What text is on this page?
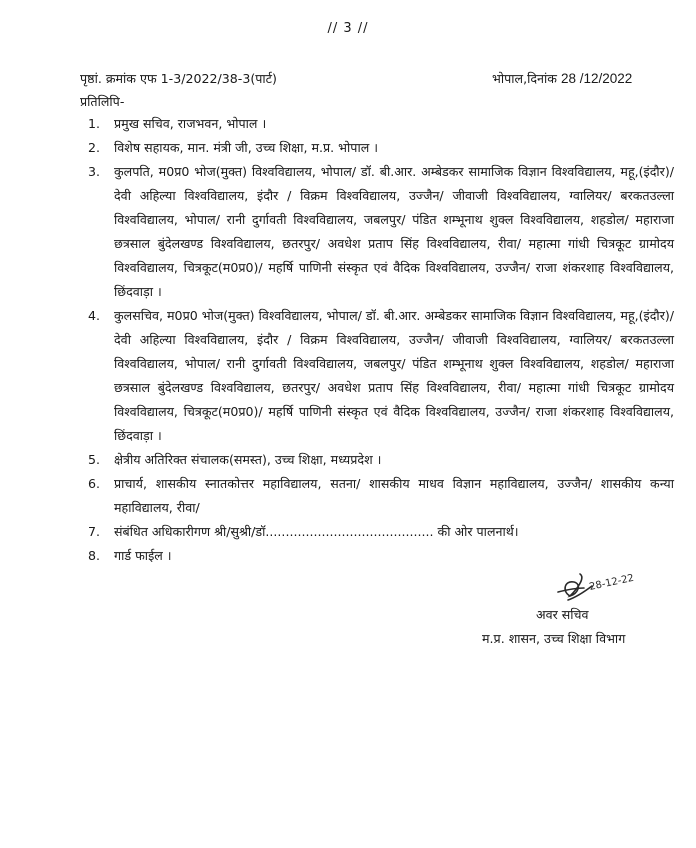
// 3 //
पृष्ठां. क्रमांक एफ 1-3/2022/38-3(पार्ट)	भोपाल,दिनांक 28 /12/2022
प्रतिलिपि-
1. प्रमुख सचिव, राजभवन, भोपाल ।
2. विशेष सहायक, मान. मंत्री जी, उच्च शिक्षा, म.प्र. भोपाल ।
3. कुलपति, म0प्र0 भोज(मुक्त) विश्वविद्यालय, भोपाल/ डॉ. बी.आर. अम्बेडकर सामाजिक विज्ञान विश्वविद्यालय, महू,(इंदौर)/ देवी अहिल्या विश्वविद्यालय, इंदौर / विक्रम विश्वविद्यालय, उज्जैन/ जीवाजी विश्वविद्यालय, ग्वालियर/ बरकतउल्ला विश्वविद्यालय, भोपाल/ रानी दुर्गावती विश्वविद्यालय, जबलपुर/ पंडित शम्भूनाथ शुक्ल विश्वविद्यालय, शहडोल/ महाराजा छत्रसाल बुंदेलखण्ड विश्वविद्यालय, छतरपुर/ अवधेश प्रताप सिंह विश्वविद्यालय, रीवा/ महात्मा गांधी चित्रकूट ग्रामोदय विश्वविद्यालय, चित्रकूट(म0प्र0)/ महर्षि पाणिनी संस्कृत एवं वैदिक विश्वविद्यालय, उज्जैन/ राजा शंकरशाह विश्वविद्यालय, छिंदवाड़ा ।
4. कुलसचिव, म0प्र0 भोज(मुक्त) विश्वविद्यालय, भोपाल/ डॉ. बी.आर. अम्बेडकर सामाजिक विज्ञान विश्वविद्यालय, महू,(इंदौर)/ देवी अहिल्या विश्वविद्यालय, इंदौर / विक्रम विश्वविद्यालय, उज्जैन/ जीवाजी विश्वविद्यालय, ग्वालियर/ बरकतउल्ला विश्वविद्यालय, भोपाल/ रानी दुर्गावती विश्वविद्यालय, जबलपुर/ पंडित शम्भूनाथ शुक्ल विश्वविद्यालय, शहडोल/ महाराजा छत्रसाल बुंदेलखण्ड विश्वविद्यालय, छतरपुर/ अवधेश प्रताप सिंह विश्वविद्यालय, रीवा/ महात्मा गांधी चित्रकूट ग्रामोदय विश्वविद्यालय, चित्रकूट(म0प्र0)/ महर्षि पाणिनी संस्कृत एवं वैदिक विश्वविद्यालय, उज्जैन/ राजा शंकरशाह विश्वविद्यालय, छिंदवाड़ा ।
5. क्षेत्रीय अतिरिक्त संचालक(समस्त), उच्च शिक्षा, मध्यप्रदेश ।
6. प्राचार्य, शासकीय स्नातकोत्तर महाविद्यालय, सतना/ शासकीय माधव विज्ञान महाविद्यालय, उज्जैन/ शासकीय कन्या महाविद्यालय, रीवा/
7. संबंधित अधिकारीगण श्री/सुश्री/डॉ.......................................... की ओर पालनार्थ।
8. गार्ड फाईल ।
28-12-22
अवर सचिव
म.प्र. शासन, उच्च शिक्षा विभाग
